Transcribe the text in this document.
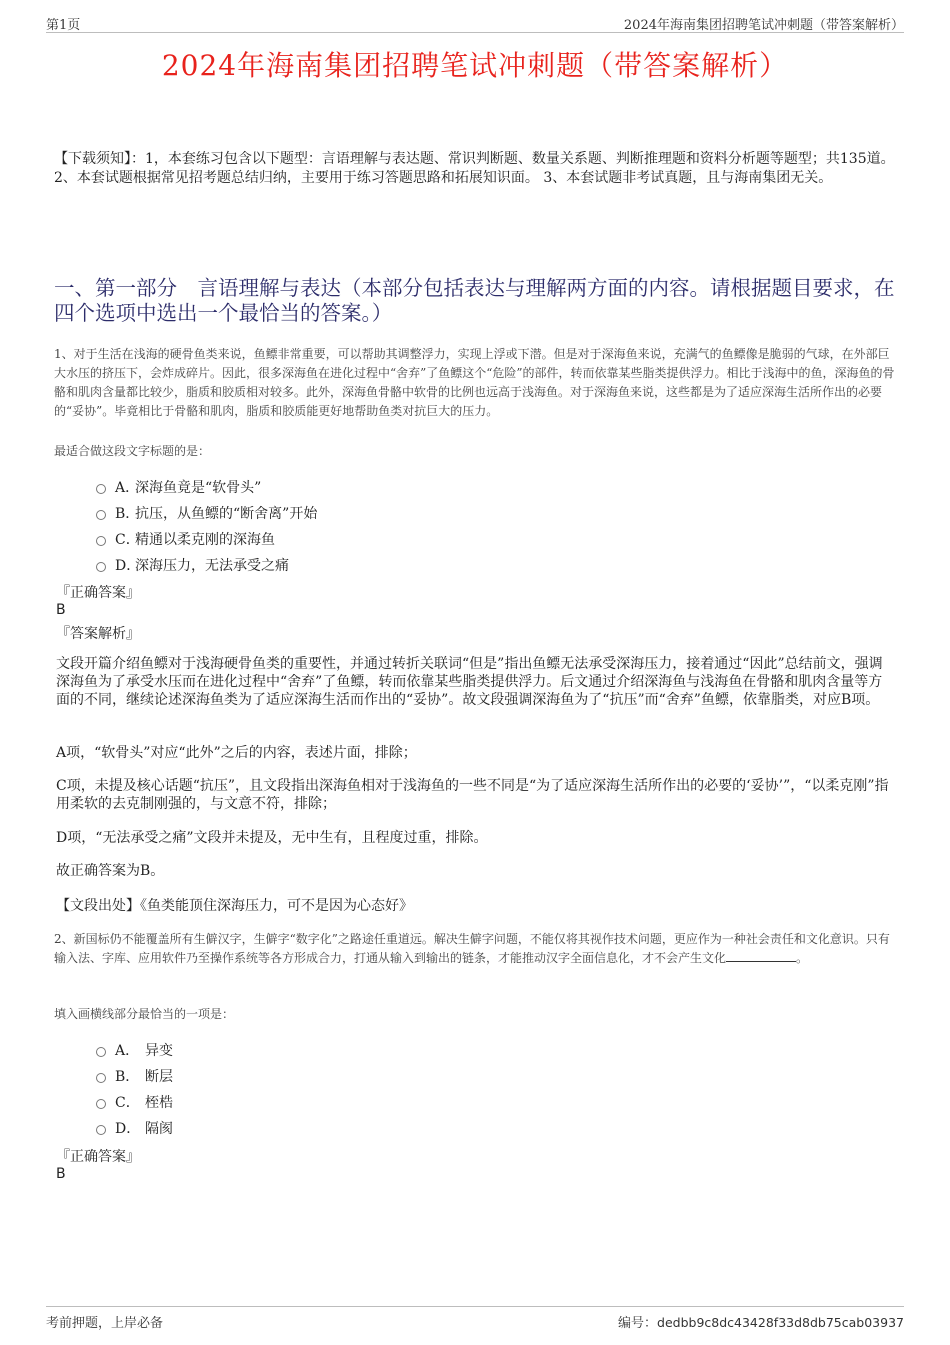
第1页	2024年海南集团招聘笔试冲刺题（带答案解析）
2024年海南集团招聘笔试冲刺题（带答案解析）
【下载须知】：1，本套练习包含以下题型：言语理解与表达题、常识判断题、数量关系题、判断推理题和资料分析题等题型；共135道。 2、本套试题根据常见招考题总结归纳，主要用于练习答题思路和拓展知识面。 3、本套试题非考试真题，且与海南集团无关。
一、第一部分　言语理解与表达（本部分包括表达与理解两方面的内容。请根据题目要求，在四个选项中选出一个最恰当的答案。）
1、对于生活在浅海的硬骨鱼类来说，鱼鳔非常重要，可以帮助其调整浮力，实现上浮或下潜。但是对于深海鱼来说，充满气的鱼鳔像是脆弱的气球，在外部巨大水压的挤压下，会炸成碎片。因此，很多深海鱼在进化过程中“舍弃”了鱼鳔这个“危险”的部件，转而依靠某些脂类提供浮力。相比于浅海中的鱼，深海鱼的骨骼和肌肉含量都比较少，脂质和胶质相对较多。此外，深海鱼骨骼中软骨的比例也远高于浅海鱼。对于深海鱼来说，这些都是为了适应深海生活所作出的必要的“妥协”。毕竟相比于骨骼和肌肉，脂质和胶质能更好地帮助鱼类对抗巨大的压力。
最适合做这段文字标题的是：
A．
深海鱼竟是“软骨头”
B．
抗压，从鱼鳔的“断舍离”开始
C．
精通以柔克刚的深海鱼
D．
深海压力，无法承受之痛
『正确答案』
B
『答案解析』
文段开篇介绍鱼鳔对于浅海硬骨鱼类的重要性，并通过转折关联词“但是”指出鱼鳔无法承受深海压力，接着通过“因此”总结前文，强调深海鱼为了承受水压而在进化过程中“舍弃”了鱼鳔，转而依靠某些脂类提供浮力。后文通过介绍深海鱼与浅海鱼在骨骼和肌肉含量等方面的不同，继续论述深海鱼类为了适应深海生活而作出的“妥协”。故文段强调深海鱼为了“抗压”而“舍弃”鱼鳔，依靠脂类，对应B项。
A项，“软骨头”对应“此外”之后的内容，表述片面，排除；
C项，未提及核心话题“抗压”，且文段指出深海鱼相对于浅海鱼的一些不同是“为了适应深海生活所作出的必要的‘妥协’”，“以柔克刚”指用柔软的去克制刚强的，与文意不符，排除；
D项，“无法承受之痛”文段并未提及，无中生有，且程度过重，排除。
故正确答案为B。
【文段出处】《鱼类能顶住深海压力，可不是因为心态好》
2、新国标仍不能覆盖所有生僻汉字，生僻字“数字化”之路途任重道远。解决生僻字问题，不能仅将其视作技术问题，更应作为一种社会责任和文化意识。只有输入法、字库、应用软件乃至操作系统等各方形成合力，打通从输入到输出的链条，才能推动汉字全面信息化，才不会产生文化	。
填入画横线部分最恰当的一项是：
A． 异变
B． 断层
C． 桎梏
D． 隔阂
『正确答案』
B
考前押题，上岸必备	编号：dedbb9c8dc43428f33d8db75cab03937
